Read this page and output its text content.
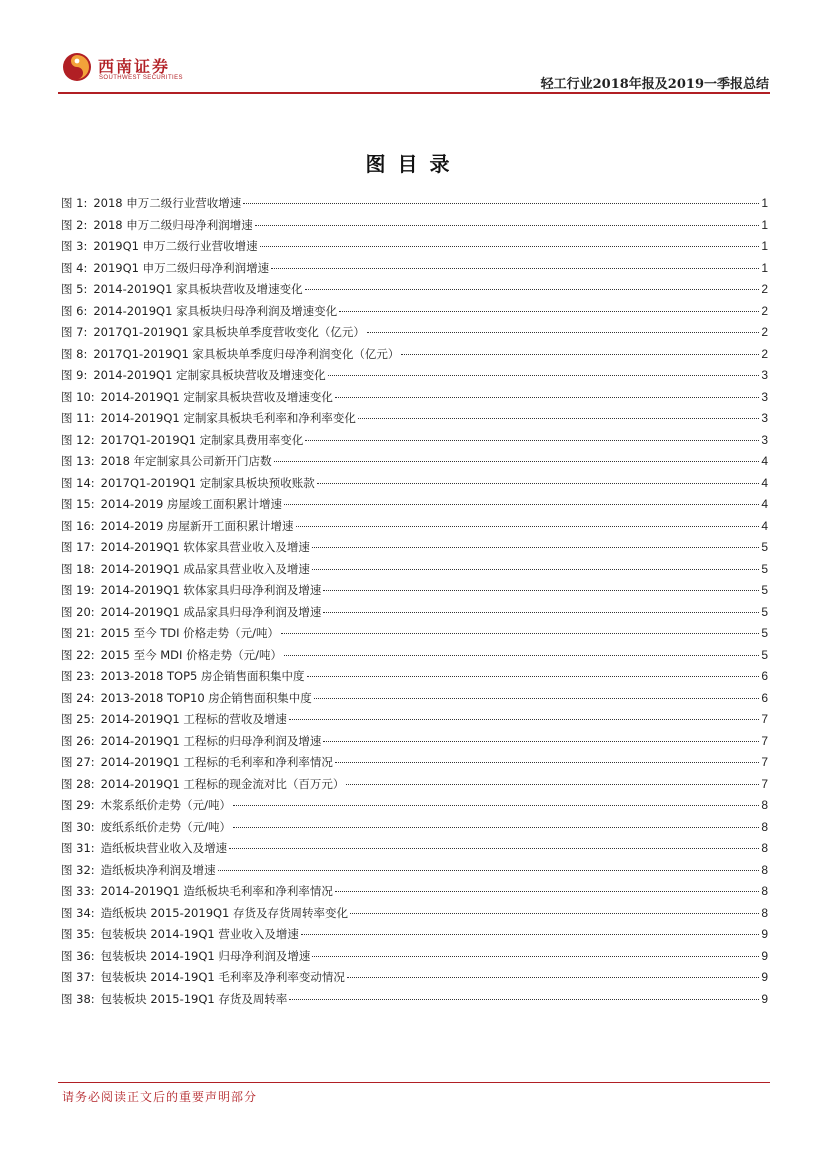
西南证券
SOUTHWEST SECURITIES	轻工行业2018年报及2019一季报总结
图目录
图 1: 2018 申万二级行业营收增速	1
图 2: 2018 申万二级归母净利润增速	1
图 3: 2019Q1 申万二级行业营收增速	1
图 4: 2019Q1 申万二级归母净利润增速	1
图 5: 2014-2019Q1 家具板块营收及增速变化	2
图 6: 2014-2019Q1 家具板块归母净利润及增速变化	2
图 7: 2017Q1-2019Q1 家具板块单季度营收变化（亿元）	2
图 8: 2017Q1-2019Q1 家具板块单季度归母净利润变化（亿元）	2
图 9: 2014-2019Q1 定制家具板块营收及增速变化	3
图 10: 2014-2019Q1 定制家具板块营收及增速变化	3
图 11: 2014-2019Q1 定制家具板块毛利率和净利率变化	3
图 12: 2017Q1-2019Q1 定制家具费用率变化	3
图 13: 2018 年定制家具公司新开门店数	4
图 14: 2017Q1-2019Q1 定制家具板块预收账款	4
图 15: 2014-2019 房屋竣工面积累计增速	4
图 16: 2014-2019 房屋新开工面积累计增速	4
图 17: 2014-2019Q1 软体家具营业收入及增速	5
图 18: 2014-2019Q1 成品家具营业收入及增速	5
图 19: 2014-2019Q1 软体家具归母净利润及增速	5
图 20: 2014-2019Q1 成品家具归母净利润及增速	5
图 21: 2015 至今 TDI 价格走势（元/吨）	5
图 22: 2015 至今 MDI 价格走势（元/吨）	5
图 23: 2013-2018 TOP5 房企销售面积集中度	6
图 24: 2013-2018 TOP10 房企销售面积集中度	6
图 25: 2014-2019Q1 工程标的营收及增速	7
图 26: 2014-2019Q1 工程标的归母净利润及增速	7
图 27: 2014-2019Q1 工程标的毛利率和净利率情况	7
图 28: 2014-2019Q1 工程标的现金流对比（百万元）	7
图 29: 木浆系纸价走势（元/吨）	8
图 30: 废纸系纸价走势（元/吨）	8
图 31: 造纸板块营业收入及增速	8
图 32: 造纸板块净利润及增速	8
图 33: 2014-2019Q1 造纸板块毛利率和净利率情况	8
图 34: 造纸板块 2015-2019Q1 存货及存货周转率变化	8
图 35: 包装板块 2014-19Q1 营业收入及增速	9
图 36: 包装板块 2014-19Q1 归母净利润及增速	9
图 37: 包装板块 2014-19Q1 毛利率及净利率变动情况	9
图 38: 包装板块 2015-19Q1 存货及周转率	9
请务必阅读正文后的重要声明部分
